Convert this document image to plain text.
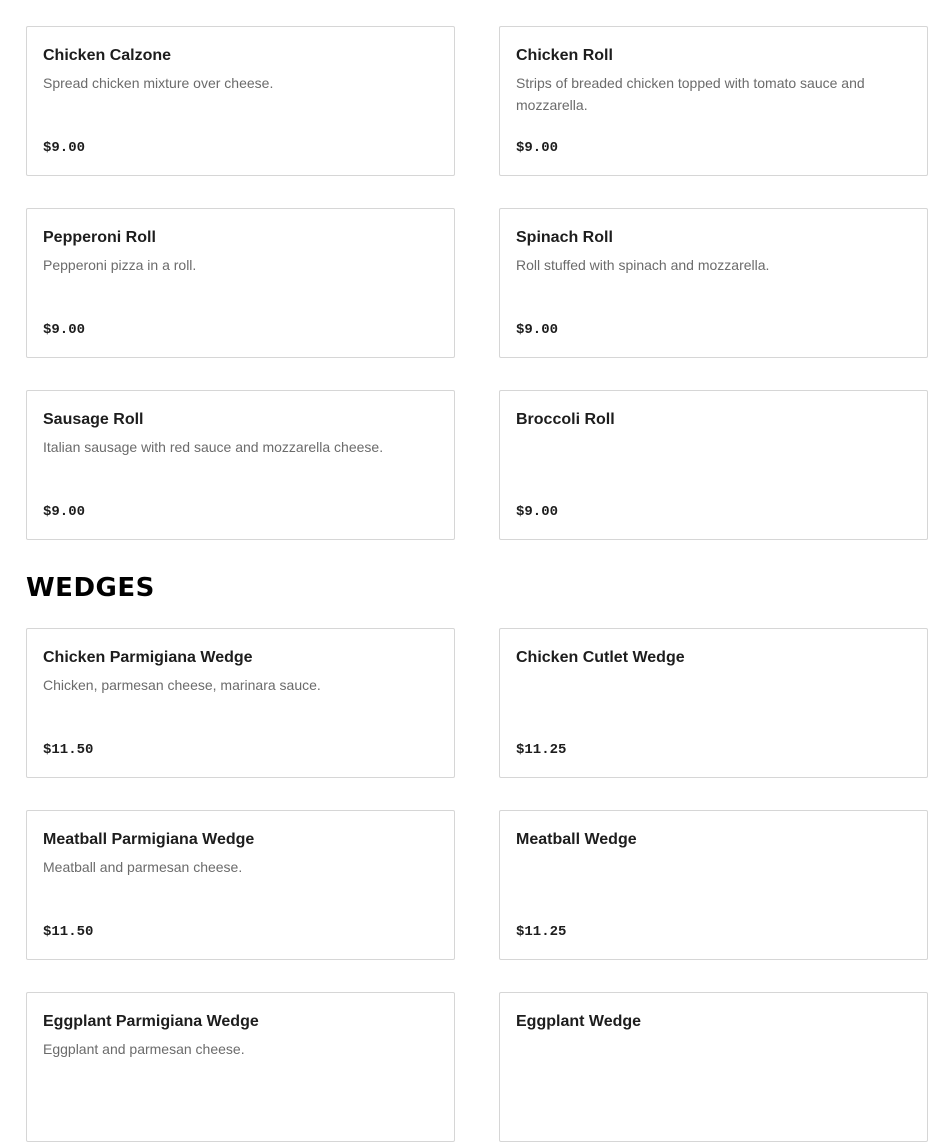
Chicken Calzone
Spread chicken mixture over cheese.
$9.00
Chicken Roll
Strips of breaded chicken topped with tomato sauce and mozzarella.
$9.00
Pepperoni Roll
Pepperoni pizza in a roll.
$9.00
Spinach Roll
Roll stuffed with spinach and mozzarella.
$9.00
Sausage Roll
Italian sausage with red sauce and mozzarella cheese.
$9.00
Broccoli Roll
$9.00
WEDGES
Chicken Parmigiana Wedge
Chicken, parmesan cheese, marinara sauce.
$11.50
Chicken Cutlet Wedge
$11.25
Meatball Parmigiana Wedge
Meatball and parmesan cheese.
$11.50
Meatball Wedge
$11.25
Eggplant Parmigiana Wedge
Eggplant and parmesan cheese.
Eggplant Wedge
